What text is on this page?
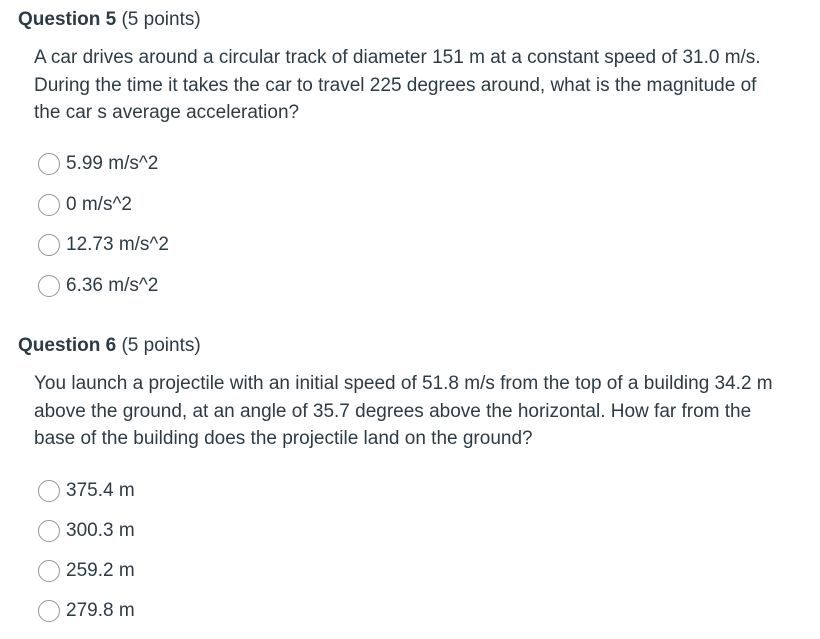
Question 5 (5 points)
A car drives around a circular track of diameter 151 m at a constant speed of 31.0 m/s. During the time it takes the car to travel 225 degrees around, what is the magnitude of the car s average acceleration?
5.99 m/s^2
0 m/s^2
12.73 m/s^2
6.36 m/s^2
Question 6 (5 points)
You launch a projectile with an initial speed of 51.8 m/s from the top of a building 34.2 m above the ground, at an angle of 35.7 degrees above the horizontal. How far from the base of the building does the projectile land on the ground?
375.4 m
300.3 m
259.2 m
279.8 m
